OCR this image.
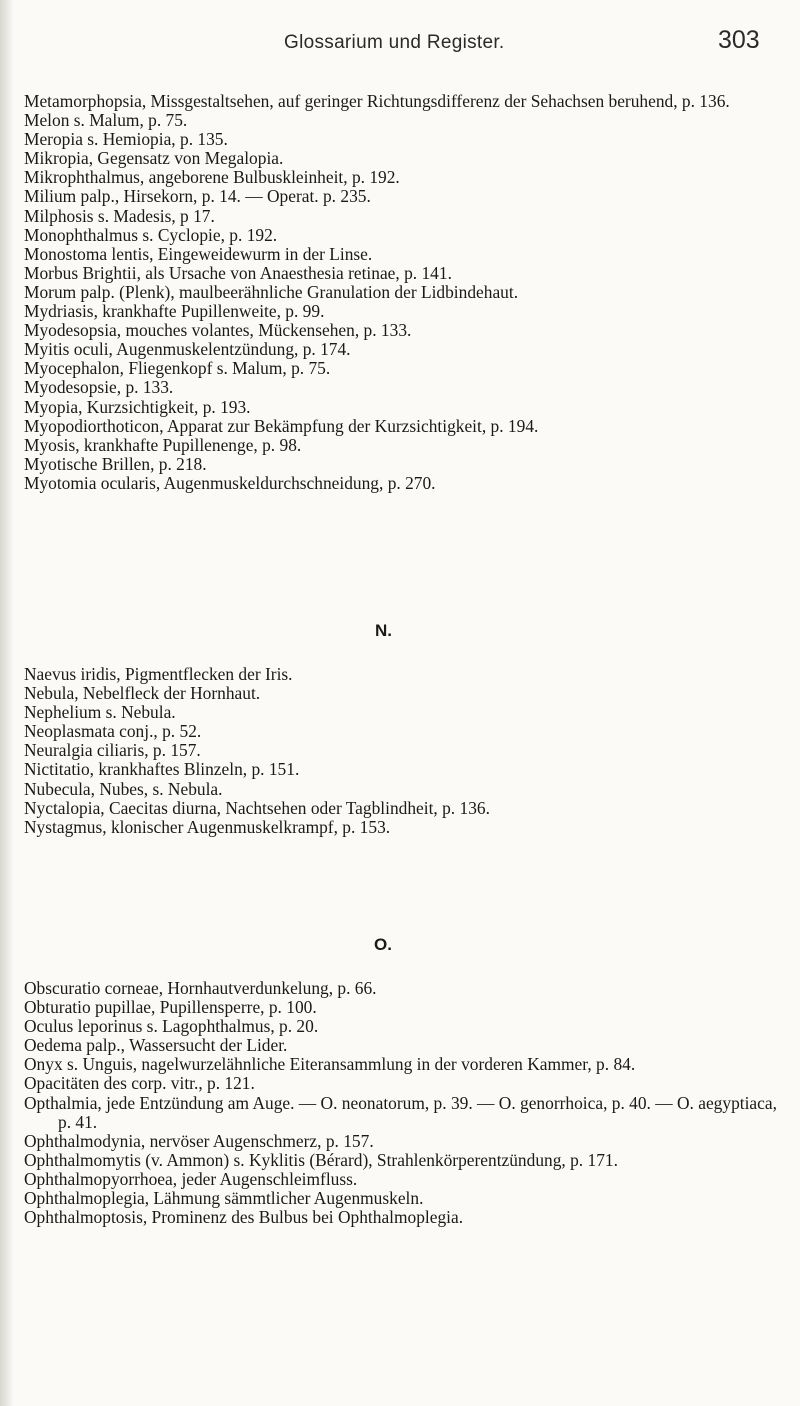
Glossarium und Register.	303

Metamorphopsia, Missgestaltsehen, auf geringer Richtungsdifferenz der Sehachsen beruhend, p. 136.

Melon s. Malum, p. 75.

Meropia s. Hemiopia, p. 135.

Mikropia, Gegensatz von Megalopia.

Mikrophthalmus, angeborene Bulbuskleinheit, p. 192.

Milium palp., Hirsekorn, p. 14. — Operat. p. 235.

Milphosis s. Madesis, p 17.

Monophthalmus s. Cyclopie, p. 192.

Monostoma lentis, Eingeweidewurm in der Linse.

Morbus Brightii, als Ursache von Anaesthesia retinae, p. 141.

Morum palp. (Plenk), maulbeerähnliche Granulation der Lidbindehaut.

Mydriasis, krankhafte Pupillenweite, p. 99.

Myodesopsia, mouches volantes, Mückensehen, p. 133.

Myitis oculi, Augenmuskelentzündung, p. 174.

Myocephalon, Fliegenkopf s. Malum, p. 75.

Myodesopsie, p. 133.

Myopia, Kurzsichtigkeit, p. 193.

Myopodiorthoticon, Apparat zur Bekämpfung der Kurzsichtigkeit, p. 194.

Myosis, krankhafte Pupillenenge, p. 98.

Myotische Brillen, p. 218.

Myotomia ocularis, Augenmuskeldurchschneidung, p. 270.

N.

Naevus iridis, Pigmentflecken der Iris.

Nebula, Nebelfleck der Hornhaut.

Nephelium s. Nebula.

Neoplasmata conj., p. 52.

Neuralgia ciliaris, p. 157.

Nictitatio, krankhaftes Blinzeln, p. 151.

Nubecula, Nubes, s. Nebula.

Nyctalopia, Caecitas diurna, Nachtsehen oder Tagblindheit, p. 136.

Nystagmus, klonischer Augenmuskelkrampf, p. 153.

O.

Obscuratio corneae, Hornhautverdunkelung, p. 66.

Obturatio pupillae, Pupillensperre, p. 100.

Oculus leporinus s. Lagophthalmus, p. 20.

Oedema palp., Wassersucht der Lider.

Onyx s. Unguis, nagelwurzelähnliche Eiteransammlung in der vorderen Kammer, p. 84.

Opacitäten des corp. vitr., p. 121.

Opthalmia, jede Entzündung am Auge. — O. neonatorum, p. 39. — O. genorrhoica, p. 40. — O. aegyptiaca, p. 41.

Ophthalmodynia, nervöser Augenschmerz, p. 157.

Ophthalmomytis (v. Ammon) s. Kyklitis (Bérard), Strahlenkörperentzündung, p. 171.

Ophthalmopyorrhoea, jeder Augenschleimfluss.

Ophthalmoplegia, Lähmung sämmtlicher Augenmuskeln.

Ophthalmoptosis, Prominenz des Bulbus bei Ophthalmoplegia.
